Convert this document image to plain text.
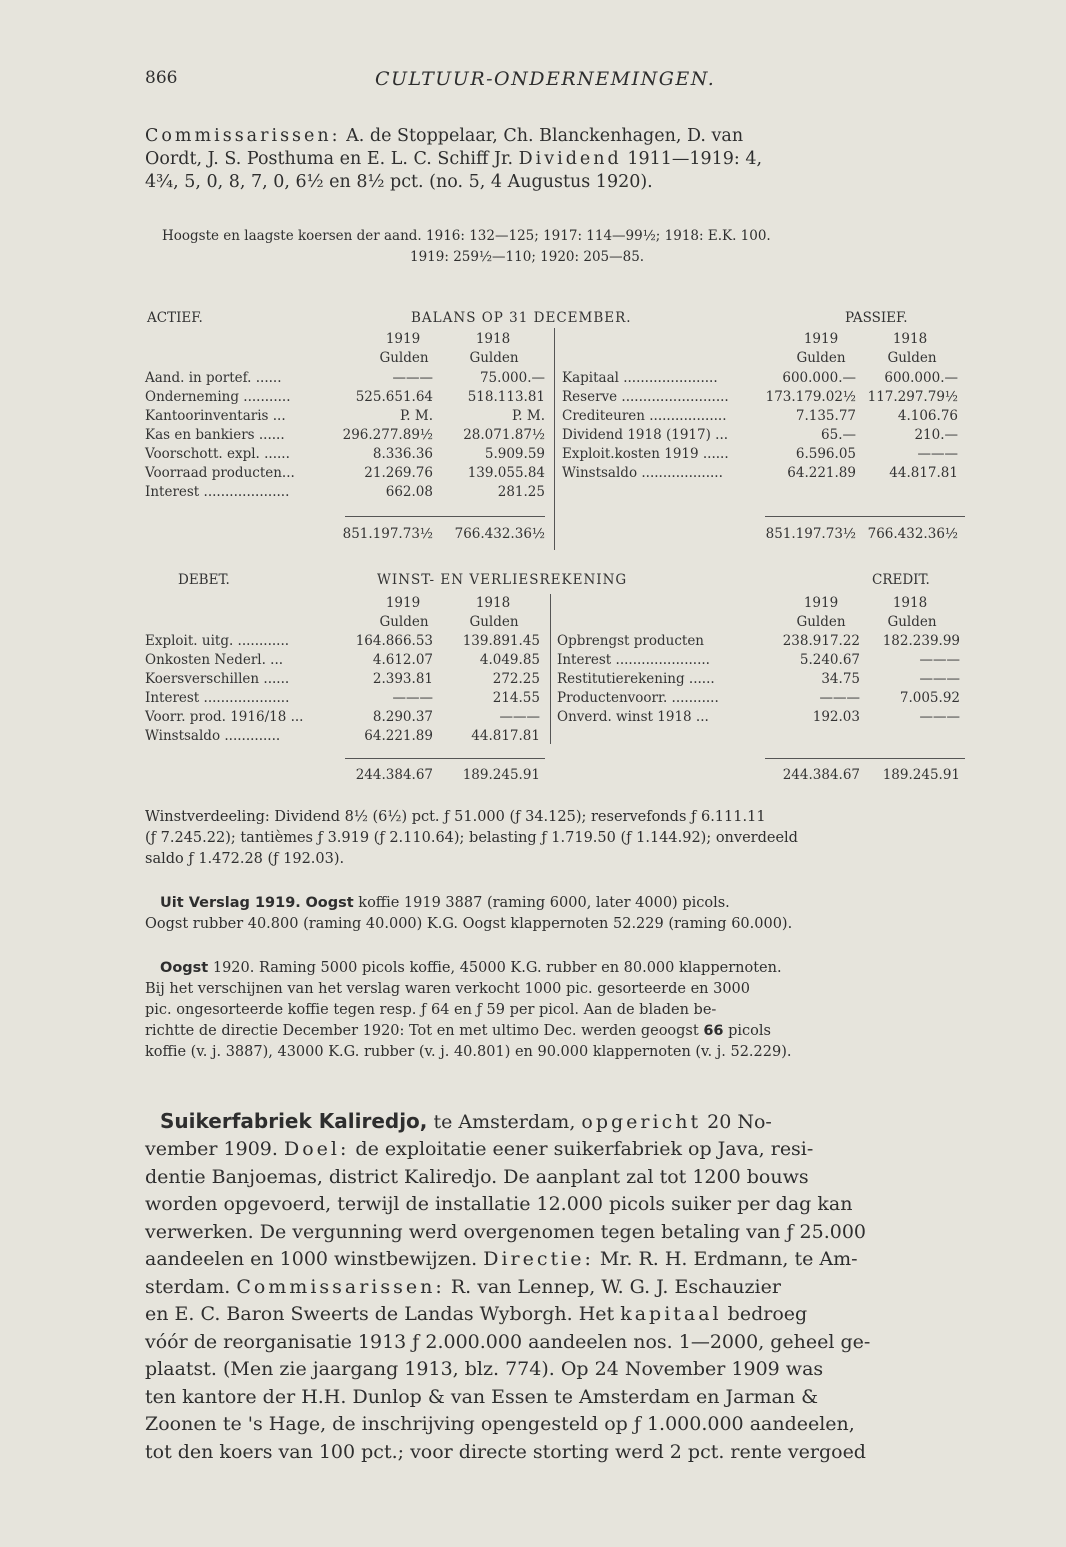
866	CULTUUR-ONDERNEMINGEN.
Commissarissen: A. de Stoppelaar, Ch. Blanckenhagen, D. van
Oordt, J. S. Posthuma en E. L. C. Schiff Jr. Dividend 1911—1919: 4,
4¾, 5, 0, 8, 7, 0, 6½ en 8½ pct. (no. 5, 4 Augustus 1920).
Hoogste en laagste koersen der aand. 1916: 132—125; 1917: 114—99½; 1918: E.K. 100.
1919: 259½—110; 1920: 205—85.
ACTIEF.	BALANS OP 31 DECEMBER.	PASSIEF.
1919	1918
Gulden	Gulden
1919	1918
Gulden	Gulden
Aand. in portef. ......	———	75.000.—
Onderneming ...........	525.651.64	518.113.81
Kantoorinventaris ...	P. M.	P. M.
Kas en bankiers ......	296.277.89½	28.071.87½
Voorschott. expl. ......	8.336.36	5.909.59
Voorraad producten...	21.269.76	139.055.84
Interest ....................	662.08	281.25
Kapitaal ......................	600.000.—	600.000.—
Reserve .........................	173.179.02½ 117.297.79½
Crediteuren ..................	7.135.77	4.106.76
Dividend 1918 (1917) ...	65.—	210.—
Exploit.kosten 1919 ......	6.596.05	———
Winstsaldo ...................	64.221.89	44.817.81
851.197.73½	766.432.36½	851.197.73½ 766.432.36½
DEBET.	WINST- EN VERLIESREKENING	CREDIT.
1919	1918
Gulden	Gulden
1919	1918
Gulden	Gulden
Exploit. uitg. ............	164.866.53	139.891.45
Onkosten Nederl. ...	4.612.07	4.049.85
Koersverschillen ......	2.393.81	272.25
Interest ....................	———	214.55
Voorr. prod. 1916/18 ...	8.290.37	———
Winstsaldo .............	64.221.89	44.817.81
Opbrengst producten	238.917.22	182.239.99
Interest ......................	5.240.67	———
Restitutierekening ......	34.75	———
Productenvoorr. ...........	———	7.005.92
Onverd. winst 1918 ...	192.03	———
244.384.67	189.245.91	244.384.67	189.245.91
Winstverdeeling: Dividend 8½ (6½) pct. ƒ 51.000 (ƒ 34.125); reservefonds ƒ 6.111.11
(ƒ 7.245.22); tantièmes ƒ 3.919 (ƒ 2.110.64); belasting ƒ 1.719.50 (ƒ 1.144.92); onverdeeld
saldo ƒ 1.472.28 (ƒ 192.03).
Uit Verslag 1919. Oogst koffie 1919 3887 (raming 6000, later 4000) picols.
Oogst rubber 40.800 (raming 40.000) K.G. Oogst klappernoten 52.229 (raming 60.000).
Oogst 1920. Raming 5000 picols koffie, 45000 K.G. rubber en 80.000 klappernoten.
Bij het verschijnen van het verslag waren verkocht 1000 pic. gesorteerde en 3000
pic. ongesorteerde koffie tegen resp. ƒ 64 en ƒ 59 per picol. Aan de bladen be-
richtte de directie December 1920: Tot en met ultimo Dec. werden geoogst 66 picols
koffie (v. j. 3887), 43000 K.G. rubber (v. j. 40.801) en 90.000 klappernoten (v. j. 52.229).
Suikerfabriek Kaliredjo, te Amsterdam, opgericht 20 No-
vember 1909. Doel: de exploitatie eener suikerfabriek op Java, resi-
dentie Banjoemas, district Kaliredjo. De aanplant zal tot 1200 bouws
worden opgevoerd, terwijl de installatie 12.000 picols suiker per dag kan
verwerken. De vergunning werd overgenomen tegen betaling van ƒ 25.000
aandeelen en 1000 winstbewijzen. Directie: Mr. R. H. Erdmann, te Am-
sterdam. Commissarissen: R. van Lennep, W. G. J. Eschauzier
en E. C. Baron Sweerts de Landas Wyborgh. Het kapitaal bedroeg
vóór de reorganisatie 1913 ƒ 2.000.000 aandeelen nos. 1—2000, geheel ge-
plaatst. (Men zie jaargang 1913, blz. 774). Op 24 November 1909 was
ten kantore der H.H. Dunlop & van Essen te Amsterdam en Jarman &
Zoonen te 's Hage, de inschrijving opengesteld op ƒ 1.000.000 aandeelen,
tot den koers van 100 pct.; voor directe storting werd 2 pct. rente vergoed
